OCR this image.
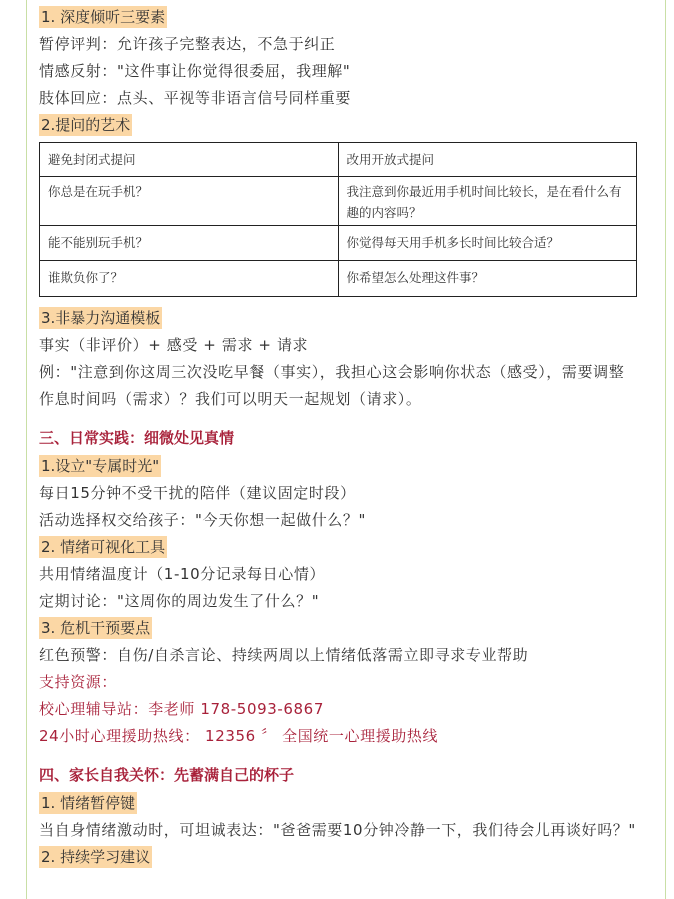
1. 深度倾听三要素
暂停评判：允许孩子完整表达，不急于纠正
情感反射："这件事让你觉得很委屈，我理解"
肢体回应：点头、平视等非语言信号同样重要
2.提问的艺术
避免封闭式提问	改用开放式提问
你总是在玩手机？	我注意到你最近用手机时间比较长，是在看什么有趣的内容吗？
能不能别玩手机？	你觉得每天用手机多长时间比较合适？
谁欺负你了？	你希望怎么处理这件事？
3.非暴力沟通模板
事实（非评价）+ 感受 + 需求 + 请求
例："注意到你这周三次没吃早餐（事实），我担心这会影响你状态（感受），需要调整作息时间吗（需求）？我们可以明天一起规划（请求）。
三、日常实践：细微处见真情
1.设立"专属时光"
每日15分钟不受干扰的陪伴（建议固定时段）
活动选择权交给孩子："今天你想一起做什么？"
2. 情绪可视化工具
共用情绪温度计（1-10分记录每日心情）
定期讨论："这周你的周边发生了什么？"
3. 危机干预要点
红色预警：自伤/自杀言论、持续两周以上情绪低落需立即寻求专业帮助
支持资源：
校心理辅导站：李老师 178-5093-6867
24小时心理援助热线： 12356 〞 全国统一心理援助热线
四、家长自我关怀：先蓄满自己的杯子
1. 情绪暂停键
当自身情绪激动时，可坦诚表达："爸爸需要10分钟冷静一下，我们待会儿再谈好吗？"
2. 持续学习建议
